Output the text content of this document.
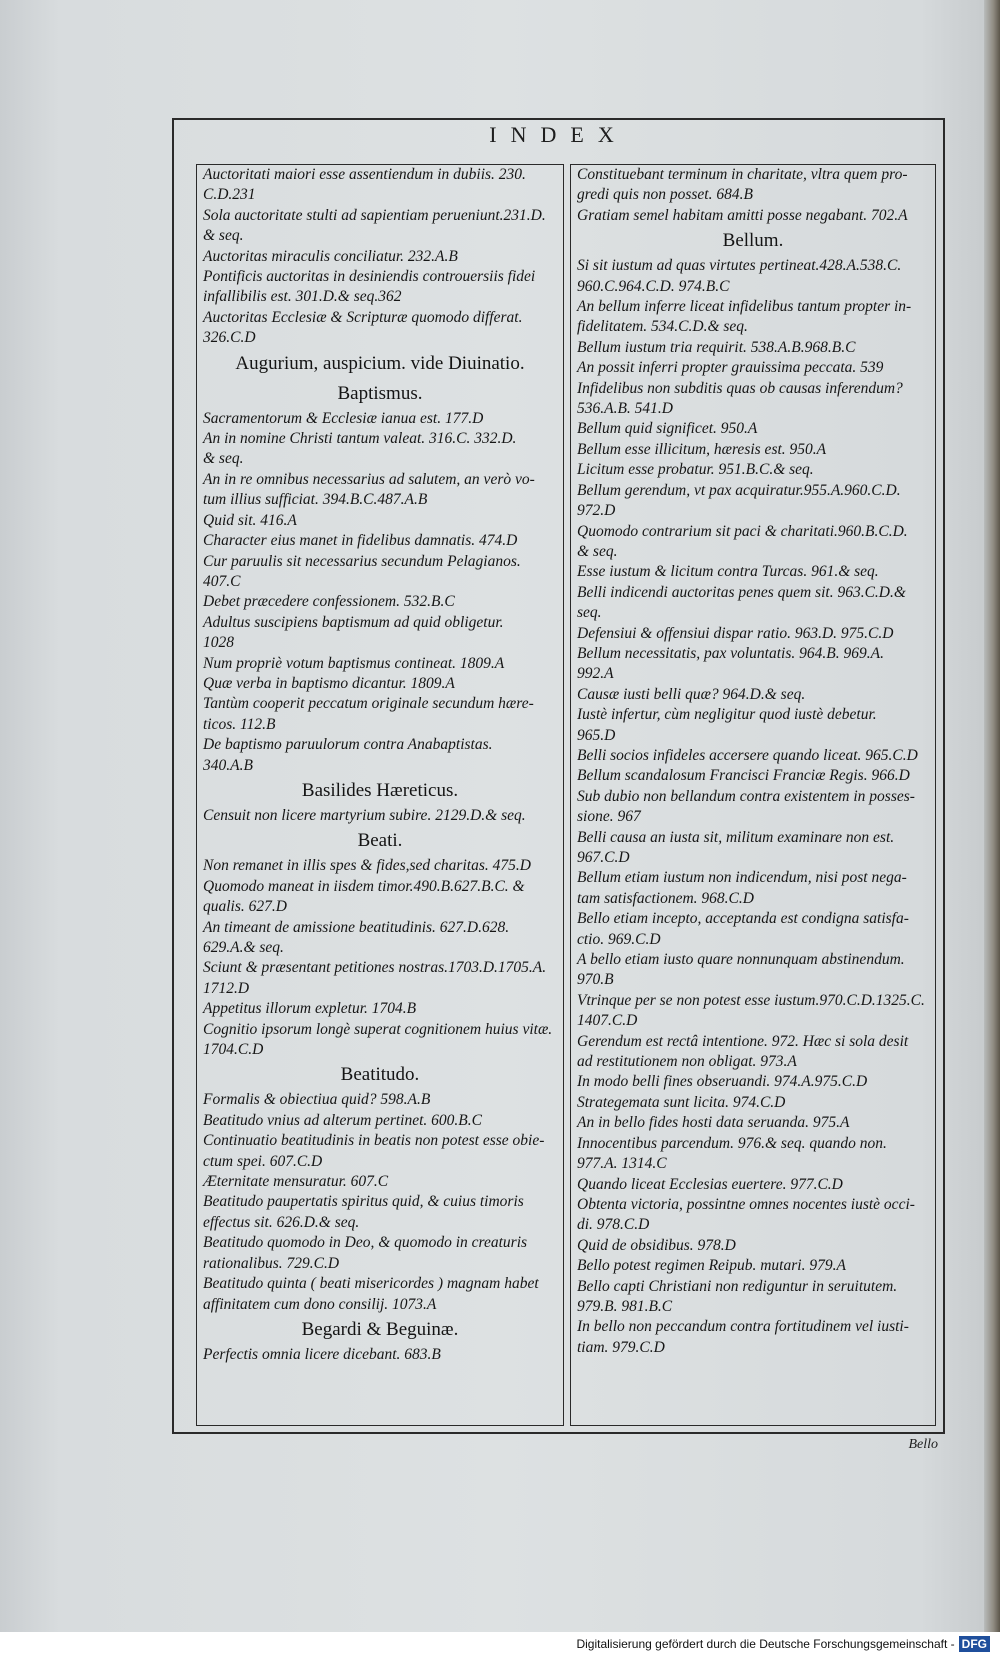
INDEX
Auctoritati maiori esse assentiendum in dubiis. 230.
C.D.231
Sola auctoritate stulti ad sapientiam perueniunt.231.D.
& seq.
Auctoritas miraculis conciliatur. 232.A.B
Pontificis auctoritas in desiniendis controuersiis fidei
infallibilis est. 301.D.& seq.362
Auctoritas Ecclesiæ & Scripturæ quomodo differat.
326.C.D
Augurium, auspicium. vide Diuinatio.
Baptismus.
Sacramentorum & Ecclesiæ ianua est. 177.D
An in nomine Christi tantum valeat. 316.C. 332.D.
& seq.
An in re omnibus necessarius ad salutem, an verò vo-
tum illius sufficiat. 394.B.C.487.A.B
Quid sit. 416.A
Character eius manet in fidelibus damnatis. 474.D
Cur paruulis sit necessarius secundum Pelagianos.
407.C
Debet præcedere confessionem. 532.B.C
Adultus suscipiens baptismum ad quid obligetur.
1028
Num propriè votum baptismus contineat. 1809.A
Quæ verba in baptismo dicantur. 1809.A
Tantùm cooperit peccatum originale secundum hære-
ticos. 112.B
De baptismo paruulorum contra Anabaptistas.
340.A.B
Basilides Hæreticus.
Censuit non licere martyrium subire. 2129.D.& seq.
Beati.
Non remanet in illis spes & fides,sed charitas. 475.D
Quomodo maneat in iisdem timor.490.B.627.B.C. &
qualis. 627.D
An timeant de amissione beatitudinis. 627.D.628.
629.A.& seq.
Sciunt & præsentant petitiones nostras.1703.D.1705.A.
1712.D
Appetitus illorum expletur. 1704.B
Cognitio ipsorum longè superat cognitionem huius vitæ.
1704.C.D
Beatitudo.
Formalis & obiectiua quid? 598.A.B
Beatitudo vnius ad alterum pertinet. 600.B.C
Continuatio beatitudinis in beatis non potest esse obie-
ctum spei. 607.C.D
Æternitate mensuratur. 607.C
Beatitudo paupertatis spiritus quid, & cuius timoris
effectus sit. 626.D.& seq.
Beatitudo quomodo in Deo, & quomodo in creaturis
rationalibus. 729.C.D
Beatitudo quinta ( beati misericordes ) magnam habet
affinitatem cum dono consilij. 1073.A
Begardi & Beguinæ.
Perfectis omnia licere dicebant. 683.B
Constituebant terminum in charitate, vltra quem pro-
gredi quis non posset. 684.B
Gratiam semel habitam amitti posse negabant. 702.A
Bellum.
Si sit iustum ad quas virtutes pertineat.428.A.538.C.
960.C.964.C.D. 974.B.C
An bellum inferre liceat infidelibus tantum propter in-
fidelitatem. 534.C.D.& seq.
Bellum iustum tria requirit. 538.A.B.968.B.C
An possit inferri propter grauissima peccata. 539
Infidelibus non subditis quas ob causas inferendum?
536.A.B. 541.D
Bellum quid significet. 950.A
Bellum esse illicitum, hæresis est. 950.A
Licitum esse probatur. 951.B.C.& seq.
Bellum gerendum, vt pax acquiratur.955.A.960.C.D.
972.D
Quomodo contrarium sit paci & charitati.960.B.C.D.
& seq.
Esse iustum & licitum contra Turcas. 961.& seq.
Belli indicendi auctoritas penes quem sit. 963.C.D.&
seq.
Defensiui & offensiui dispar ratio. 963.D. 975.C.D
Bellum necessitatis, pax voluntatis. 964.B. 969.A.
992.A
Causæ iusti belli quæ? 964.D.& seq.
Iustè infertur, cùm negligitur quod iustè debetur.
965.D
Belli socios infideles accersere quando liceat. 965.C.D
Bellum scandalosum Francisci Franciæ Regis. 966.D
Sub dubio non bellandum contra existentem in posses-
sione. 967
Belli causa an iusta sit, militum examinare non est.
967.C.D
Bellum etiam iustum non indicendum, nisi post nega-
tam satisfactionem. 968.C.D
Bello etiam incepto, acceptanda est condigna satisfa-
ctio. 969.C.D
A bello etiam iusto quare nonnunquam abstinendum.
970.B
Vtrinque per se non potest esse iustum.970.C.D.1325.C.
1407.C.D
Gerendum est rectâ intentione. 972. Hæc si sola desit
ad restitutionem non obligat. 973.A
In modo belli fines obseruandi. 974.A.975.C.D
Strategemata sunt licita. 974.C.D
An in bello fides hosti data seruanda. 975.A
Innocentibus parcendum. 976.& seq. quando non.
977.A. 1314.C
Quando liceat Ecclesias euertere. 977.C.D
Obtenta victoria, possintne omnes nocentes iustè occi-
di. 978.C.D
Quid de obsidibus. 978.D
Bello potest regimen Reipub. mutari. 979.A
Bello capti Christiani non rediguntur in seruitutem.
979.B. 981.B.C
In bello non peccandum contra fortitudinem vel iusti-
tiam. 979.C.D
Bello
Digitalisierung gefördert durch die Deutsche Forschungsgemeinschaft - DFG
